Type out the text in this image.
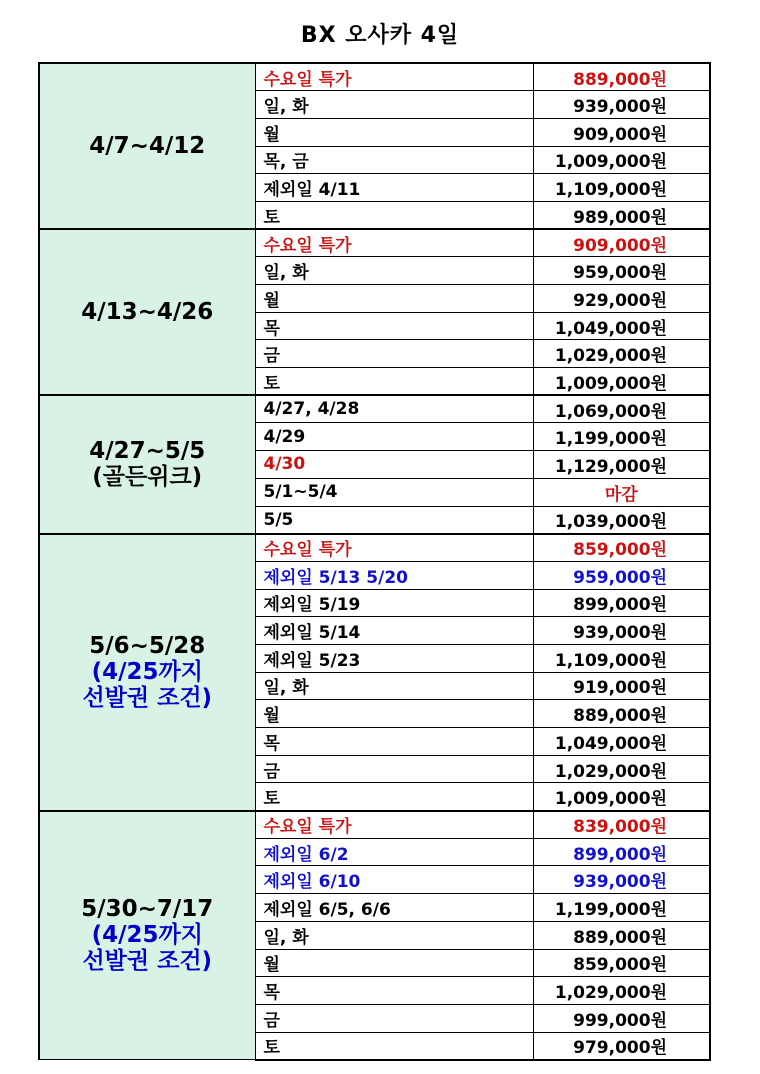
BX 오사카 4일
4/7~4/12	수요일 특가	889,000원
	일, 화	939,000원
	월	909,000원
	목, 금	1,009,000원
	제외일 4/11	1,109,000원
	토	989,000원

4/13~4/26	수요일 특가	909,000원
	일, 화	959,000원
	월	929,000원
	목	1,049,000원
	금	1,029,000원
	토	1,009,000원

4/27~5/5
(골든위크)	4/27, 4/28	1,069,000원
	4/29	1,199,000원
	4/30	1,129,000원
	5/1~5/4	마감
	5/5	1,039,000원

5/6~5/28
(4/25까지
선발권 조건)	수요일 특가	859,000원
	제외일 5/13 5/20	959,000원
	제외일 5/19	899,000원
	제외일 5/14	939,000원
	제외일 5/23	1,109,000원
	일, 화	919,000원
	월	889,000원
	목	1,049,000원
	금	1,029,000원
	토	1,009,000원

5/30~7/17
(4/25까지
선발권 조건)	수요일 특가	839,000원
	제외일 6/2	899,000원
	제외일 6/10	939,000원
	제외일 6/5, 6/6	1,199,000원
	일, 화	889,000원
	월	859,000원
	목	1,029,000원
	금	999,000원
	토	979,000원
